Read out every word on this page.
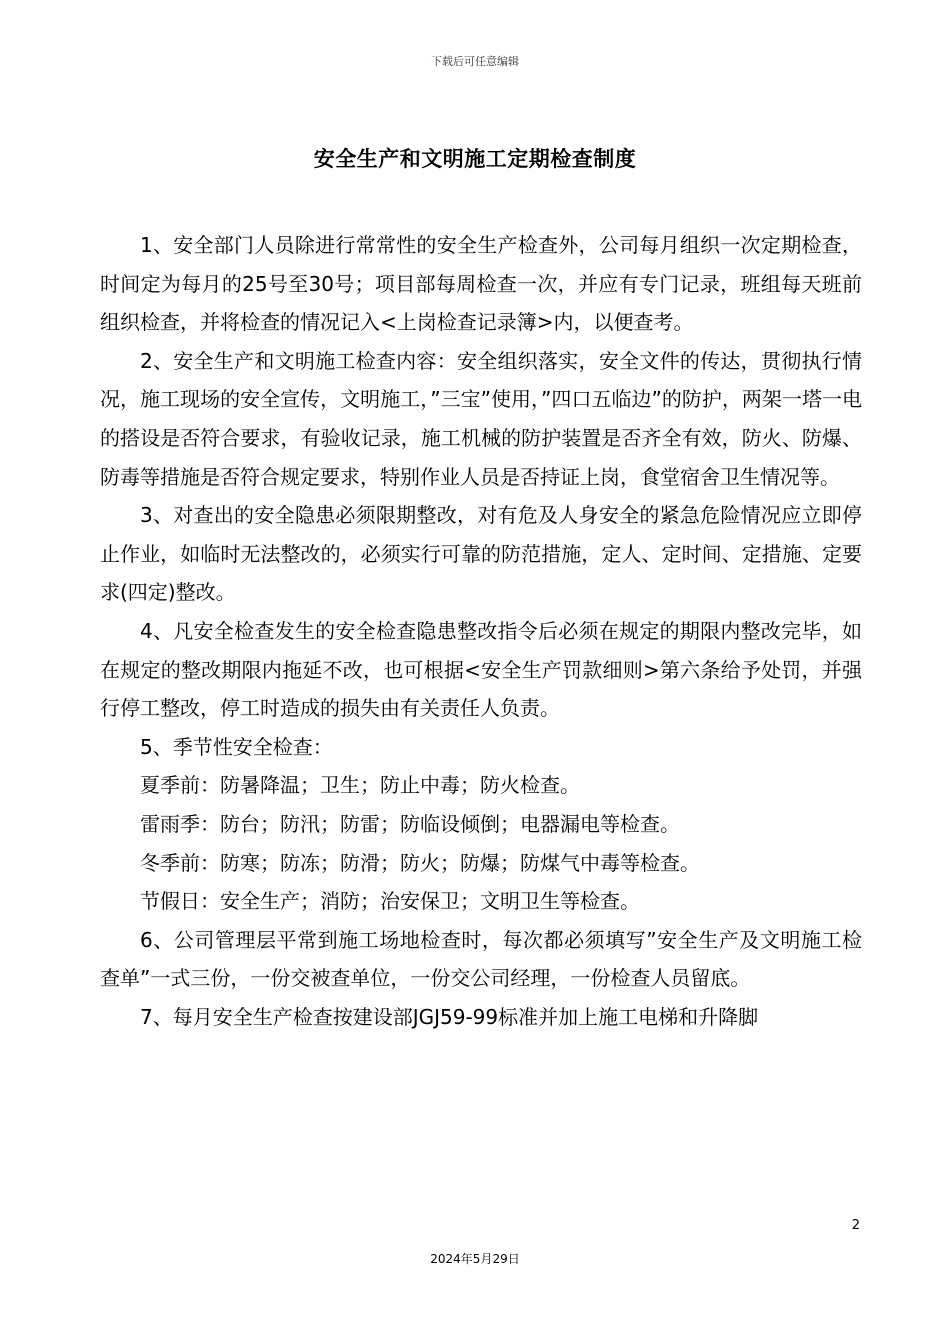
下载后可任意编辑
安全生产和文明施工定期检查制度

1、安全部门人员除进行常常性的安全生产检查外，公司每月组织一次定期检查，时间定为每月的25号至30号；项目部每周检查一次，并应有专门记录，班组每天班前组织检查，并将检查的情况记入<上岗检查记录簿>内，以便查考。

2、安全生产和文明施工检查内容：安全组织落实，安全文件的传达，贯彻执行情况，施工现场的安全宣传，文明施工，”三宝”使用，”四口五临边”的防护，两架一塔一电的搭设是否符合要求，有验收记录，施工机械的防护装置是否齐全有效，防火、防爆、防毒等措施是否符合规定要求，特别作业人员是否持证上岗，食堂宿舍卫生情况等。

3、对查出的安全隐患必须限期整改，对有危及人身安全的紧急危险情况应立即停止作业，如临时无法整改的，必须实行可靠的防范措施，定人、定时间、定措施、定要求(四定)整改。

4、凡安全检查发生的安全检查隐患整改指令后必须在规定的期限内整改完毕，如在规定的整改期限内拖延不改，也可根据<安全生产罚款细则>第六条给予处罚，并强行停工整改，停工时造成的损失由有关责任人负责。

5、季节性安全检查：

夏季前：防暑降温；卫生；防止中毒；防火检查。

雷雨季：防台；防汛；防雷；防临设倾倒；电器漏电等检查。

冬季前：防寒；防冻；防滑；防火；防爆；防煤气中毒等检查。

节假日：安全生产；消防；治安保卫；文明卫生等检查。

6、公司管理层平常到施工场地检查时，每次都必须填写”安全生产及文明施工检查单”一式三份，一份交被查单位，一份交公司经理，一份检查人员留底。

7、每月安全生产检查按建设部JGJ59-99标准并加上施工电梯和升降脚

2
2024年5月29日
